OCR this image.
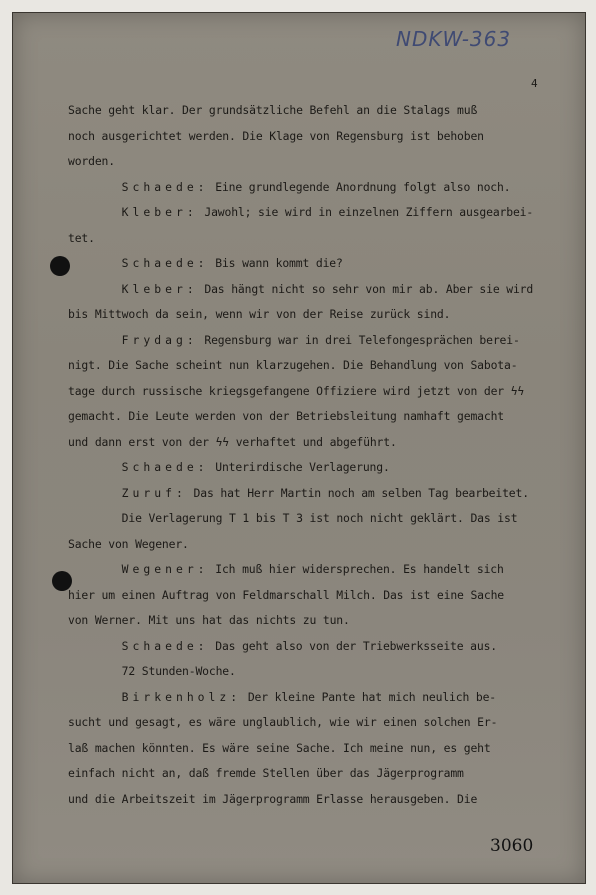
NDKW-363
4
Sache geht klar. Der grundsätzliche Befehl an die Stalags muß
noch ausgerichtet werden. Die Klage von Regensburg ist behoben
worden.
Schaede: Eine grundlegende Anordnung folgt also noch.
Kleber: Jawohl; sie wird in einzelnen Ziffern ausgearbei-
tet.
Schaede: Bis wann kommt die?
Kleber: Das hängt nicht so sehr von mir ab. Aber sie wird
bis Mittwoch da sein, wenn wir von der Reise zurück sind.
Frydag: Regensburg war in drei Telefongesprächen berei-
nigt. Die Sache scheint nun klarzugehen. Die Behandlung von Sabota-
tage durch russische kriegsgefangene Offiziere wird jetzt von der ϟϟ
gemacht. Die Leute werden von der Betriebsleitung namhaft gemacht
und dann erst von der ϟϟ verhaftet und abgeführt.
Schaede: Unterirdische Verlagerung.
Zuruf: Das hat Herr Martin noch am selben Tag bearbeitet.
Die Verlagerung T 1 bis T 3 ist noch nicht geklärt. Das ist
Sache von Wegener.
Wegener: Ich muß hier widersprechen. Es handelt sich
hier um einen Auftrag von Feldmarschall Milch. Das ist eine Sache
von Werner. Mit uns hat das nichts zu tun.
Schaede: Das geht also von der Triebwerksseite aus.
72 Stunden-Woche.
Birkenholz: Der kleine Pante hat mich neulich be-
sucht und gesagt, es wäre unglaublich, wie wir einen solchen Er-
laß machen könnten. Es wäre seine Sache. Ich meine nun, es geht
einfach nicht an, daß fremde Stellen über das Jägerprogramm
und die Arbeitszeit im Jägerprogramm Erlasse herausgeben. Die
3060
